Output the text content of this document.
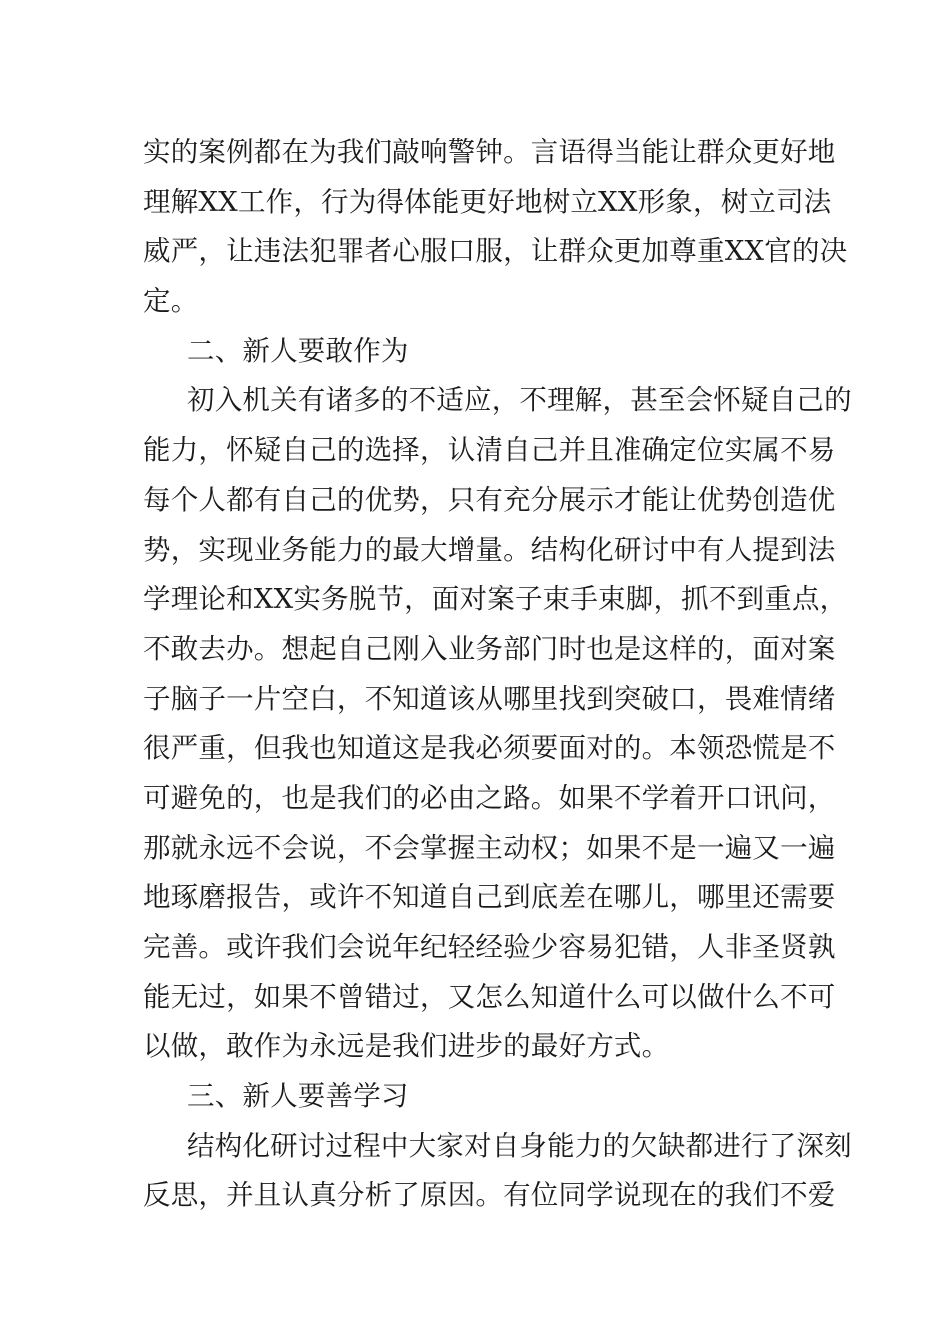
实的案例都在为我们敲响警钟。言语得当能让群众更好地
理解XX工作，行为得体能更好地树立XX形象，树立司法
威严，让违法犯罪者心服口服，让群众更加尊重XX官的决
定。
二、新人要敢作为
初入机关有诸多的不适应，不理解，甚至会怀疑自己的
能力，怀疑自己的选择，认清自己并且准确定位实属不易
每个人都有自己的优势，只有充分展示才能让优势创造优
势，实现业务能力的最大增量。结构化研讨中有人提到法
学理论和XX实务脱节，面对案子束手束脚，抓不到重点，
不敢去办。想起自己刚入业务部门时也是这样的，面对案
子脑子一片空白，不知道该从哪里找到突破口，畏难情绪
很严重，但我也知道这是我必须要面对的。本领恐慌是不
可避免的，也是我们的必由之路。如果不学着开口讯问，
那就永远不会说，不会掌握主动权；如果不是一遍又一遍
地琢磨报告，或许不知道自己到底差在哪儿，哪里还需要
完善。或许我们会说年纪轻经验少容易犯错，人非圣贤孰
能无过，如果不曾错过，又怎么知道什么可以做什么不可
以做，敢作为永远是我们进步的最好方式。
三、新人要善学习
结构化研讨过程中大家对自身能力的欠缺都进行了深刻
反思，并且认真分析了原因。有位同学说现在的我们不爱
